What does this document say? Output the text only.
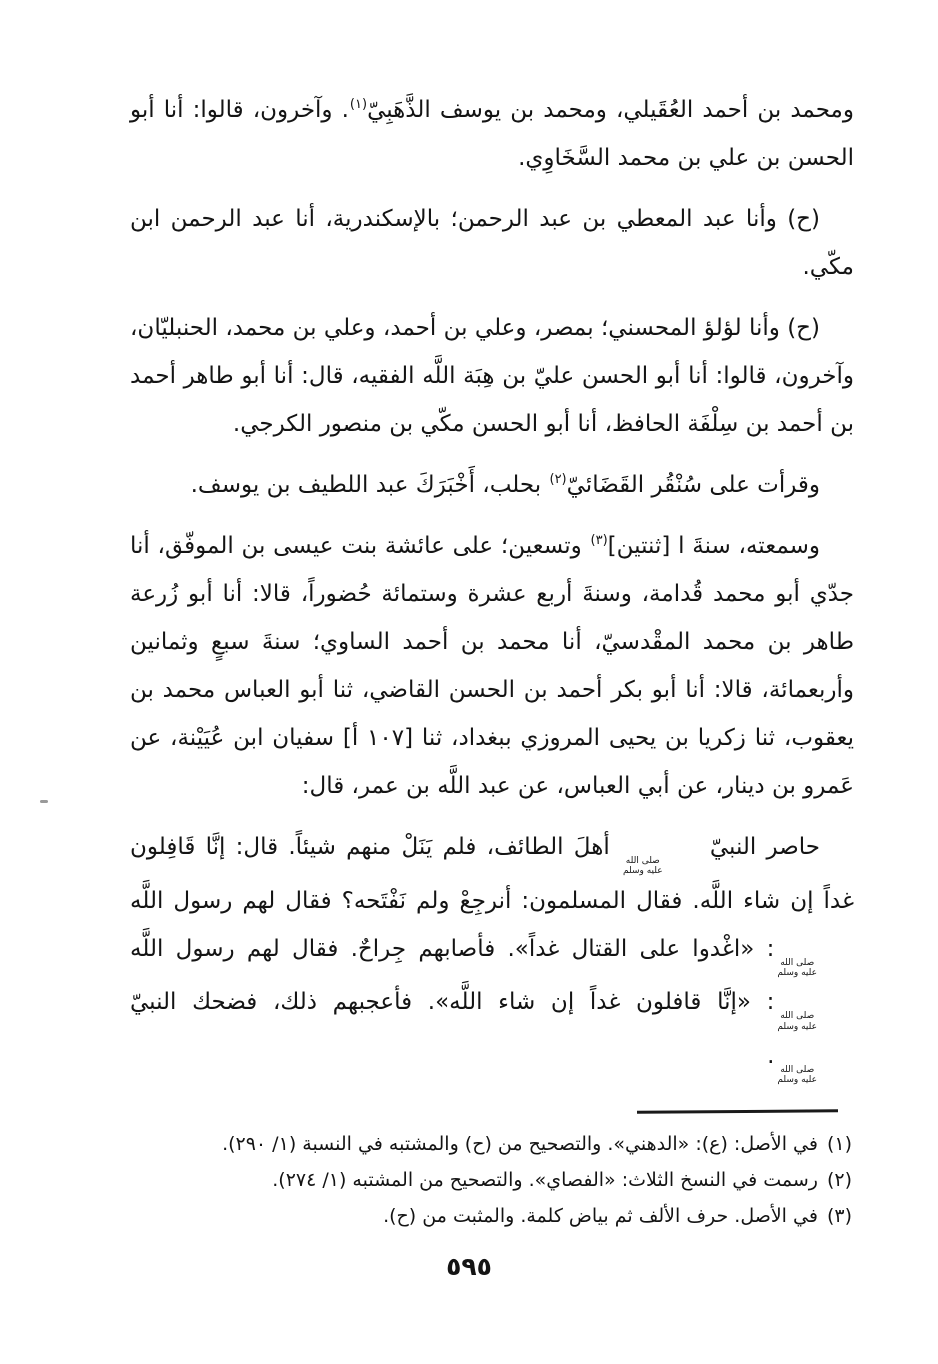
ومحمد بن أحمد العُقَيلي، ومحمد بن يوسف الذَّهَبِيّ$^{(١)}$. وآخرون، قالوا: أنا أبو الحسن بن علي بن محمد السَّخَاوِي.

(ح) وأنا عبد المعطي بن عبد الرحمن؛ بالإسكندرية، أنا عبد الرحمن ابن مكّي.

(ح) وأنا لؤلؤ المحسني؛ بمصر، وعلي بن أحمد، وعلي بن محمد، الحنبليّان، وآخرون، قالوا: أنا أبو الحسن عليّ بن هِبَة اللَّه الفقيه، قال: أنا أبو طاهر أحمد بن أحمد بن سِلْفَة الحافظ، أنا أبو الحسن مكّي بن منصور الكرجي.

وقرأت على سُنْقُر القَضَائيّ$^{(٢)}$ بحلب، أَخْبَرَكَ عبد اللطيف بن يوسف.

وسمعته، سنةَ ا [ثنتين]$^{(٣)}$ وتسعين؛ على عائشة بنت عيسى بن الموفّق، أنا جدّي أبو محمد قُدامة، وسنةَ أربع عشرة وستمائة حُضوراً، قالا: أنا أبو زُرعة طاهر بن محمد المقْدسيّ، أنا محمد بن أحمد الساوي؛ سنةَ سبعٍ وثمانين وأربعمائة، قالا: أنا أبو بكر أحمد بن الحسن القاضي، ثنا أبو العباس محمد بن يعقوب، ثنا زكريا بن يحيى المروزي ببغداد، ثنا [١٠٧ أ] سفيان ابن عُيَيْنة، عن عَمرو بن دينار، عن أبي العباس، عن عبد اللَّه بن عمر، قال:

حاصر النبيّ
صلى الله
عليه وسلم
أهلَ الطائف، فلم يَنَلْ منهم شيئاً. قال: إنَّا قَافِلون غداً إن شاء اللَّه. فقال المسلمون: أنرجِعْ ولم نَفْتَحه؟ فقال لهم رسول اللَّه
صلى الله
عليه وسلم
: «اغْدوا على القتال غداً». فأصابهم جِراحٌ. فقال لهم رسول اللَّه
صلى الله
عليه وسلم
: «إنَّا قافلون غداً إن شاء اللَّه». فأعجبهم ذلك، فضحك النبيّ
صلى الله
عليه وسلم
.

(١)
في الأصل: (ع): «الدهني». والتصحيح من (ح) والمشتبه في النسبة (١/ ٢٩٠).
(٢)
رسمت في النسخ الثلاث: «الفصاي». والتصحيح من المشتبه (١/ ٢٧٤).
(٣)
في الأصل. حرف الألف ثم بياض كلمة. والمثبت من (ح).
٥٩٥
